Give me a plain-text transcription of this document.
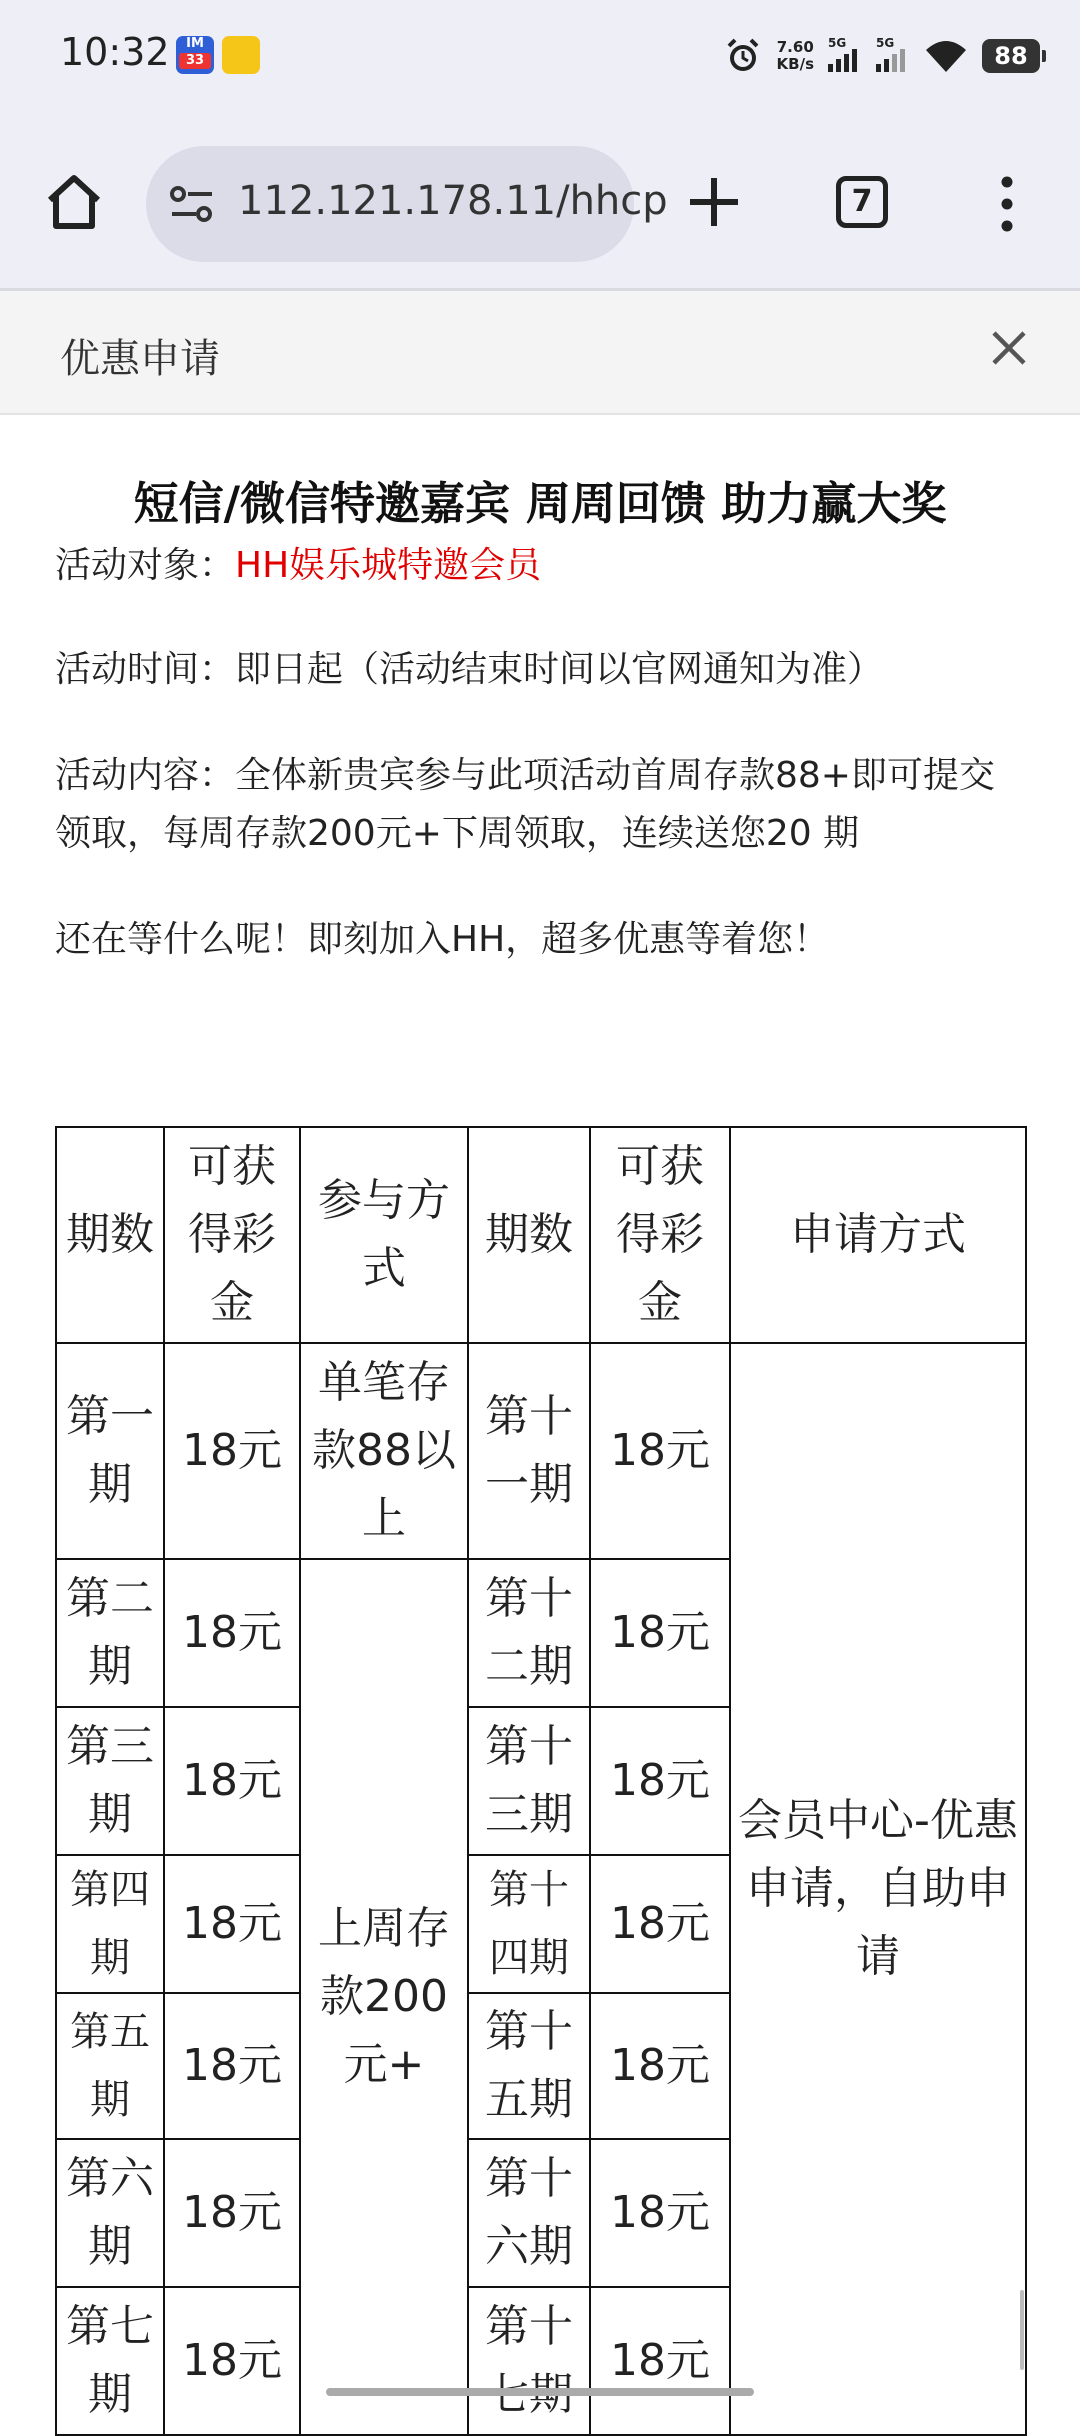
10:32	IM
33
7.60
KB/s
5G 5G	88
112.121.178.11/hhcp	7
优惠申请
短信/微信特邀嘉宾 周周回馈 助力赢大奖
活动对象：HH娱乐城特邀会员
活动时间：即日起（活动结束时间以官网通知为准）
活动内容：全体新贵宾参与此项活动首周存款88+即可提交领取，每周存款200元+下周领取，连续送您20 期
还在等什么呢！即刻加入HH，超多优惠等着您！
期数	可获得彩金	参与方式	期数	可获得彩金	申请方式
第一期	18元	单笔存款88以上	第十一期	18元	会员中心-优惠申请，自助申请
第二期	18元	上周存款200元+	第十二期	18元	
第三期	18元		第十三期	18元	
第四期	18元		第十四期	18元	
第五期	18元		第十五期	18元	
第六期	18元		第十六期	18元	
第七期	18元		第十	18元	
